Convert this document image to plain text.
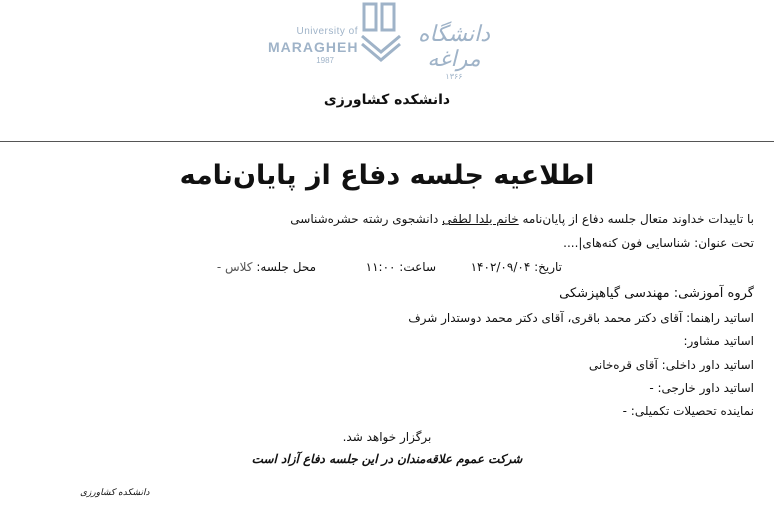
University of
MARAGHEH
1987
دانشگاه مراغه
۱۳۶۶
دانشکده کشاورزی
اطلاعیه جلسه دفاع از پایان‌نامه
با تاییدات خداوند متعال جلسه دفاع از پایان‌نامه خانم یلدا لطفی دانشجوی رشته حشره‌شناسی
تحت عنوان: شناسایی فون کنه‌های|....
تاریخ: ۱۴۰۲/۰۹/۰۴
ساعت: ۱۱:۰۰
محل جلسه: کلاس -
گروه آموزشی: مهندسی گیاهپزشکی
اساتید راهنما: آقای دکتر محمد باقری، آقای دکتر محمد دوستدار شرف
اساتید مشاور:
اساتید داور داخلی: آقای قره‌خانی
اساتید داور خارجی: -
نماینده تحصیلات تکمیلی: -
برگزار خواهد شد.
شرکت عموم علاقه‌مندان در این جلسه دفاع آزاد است
دانشکده کشاورزی
